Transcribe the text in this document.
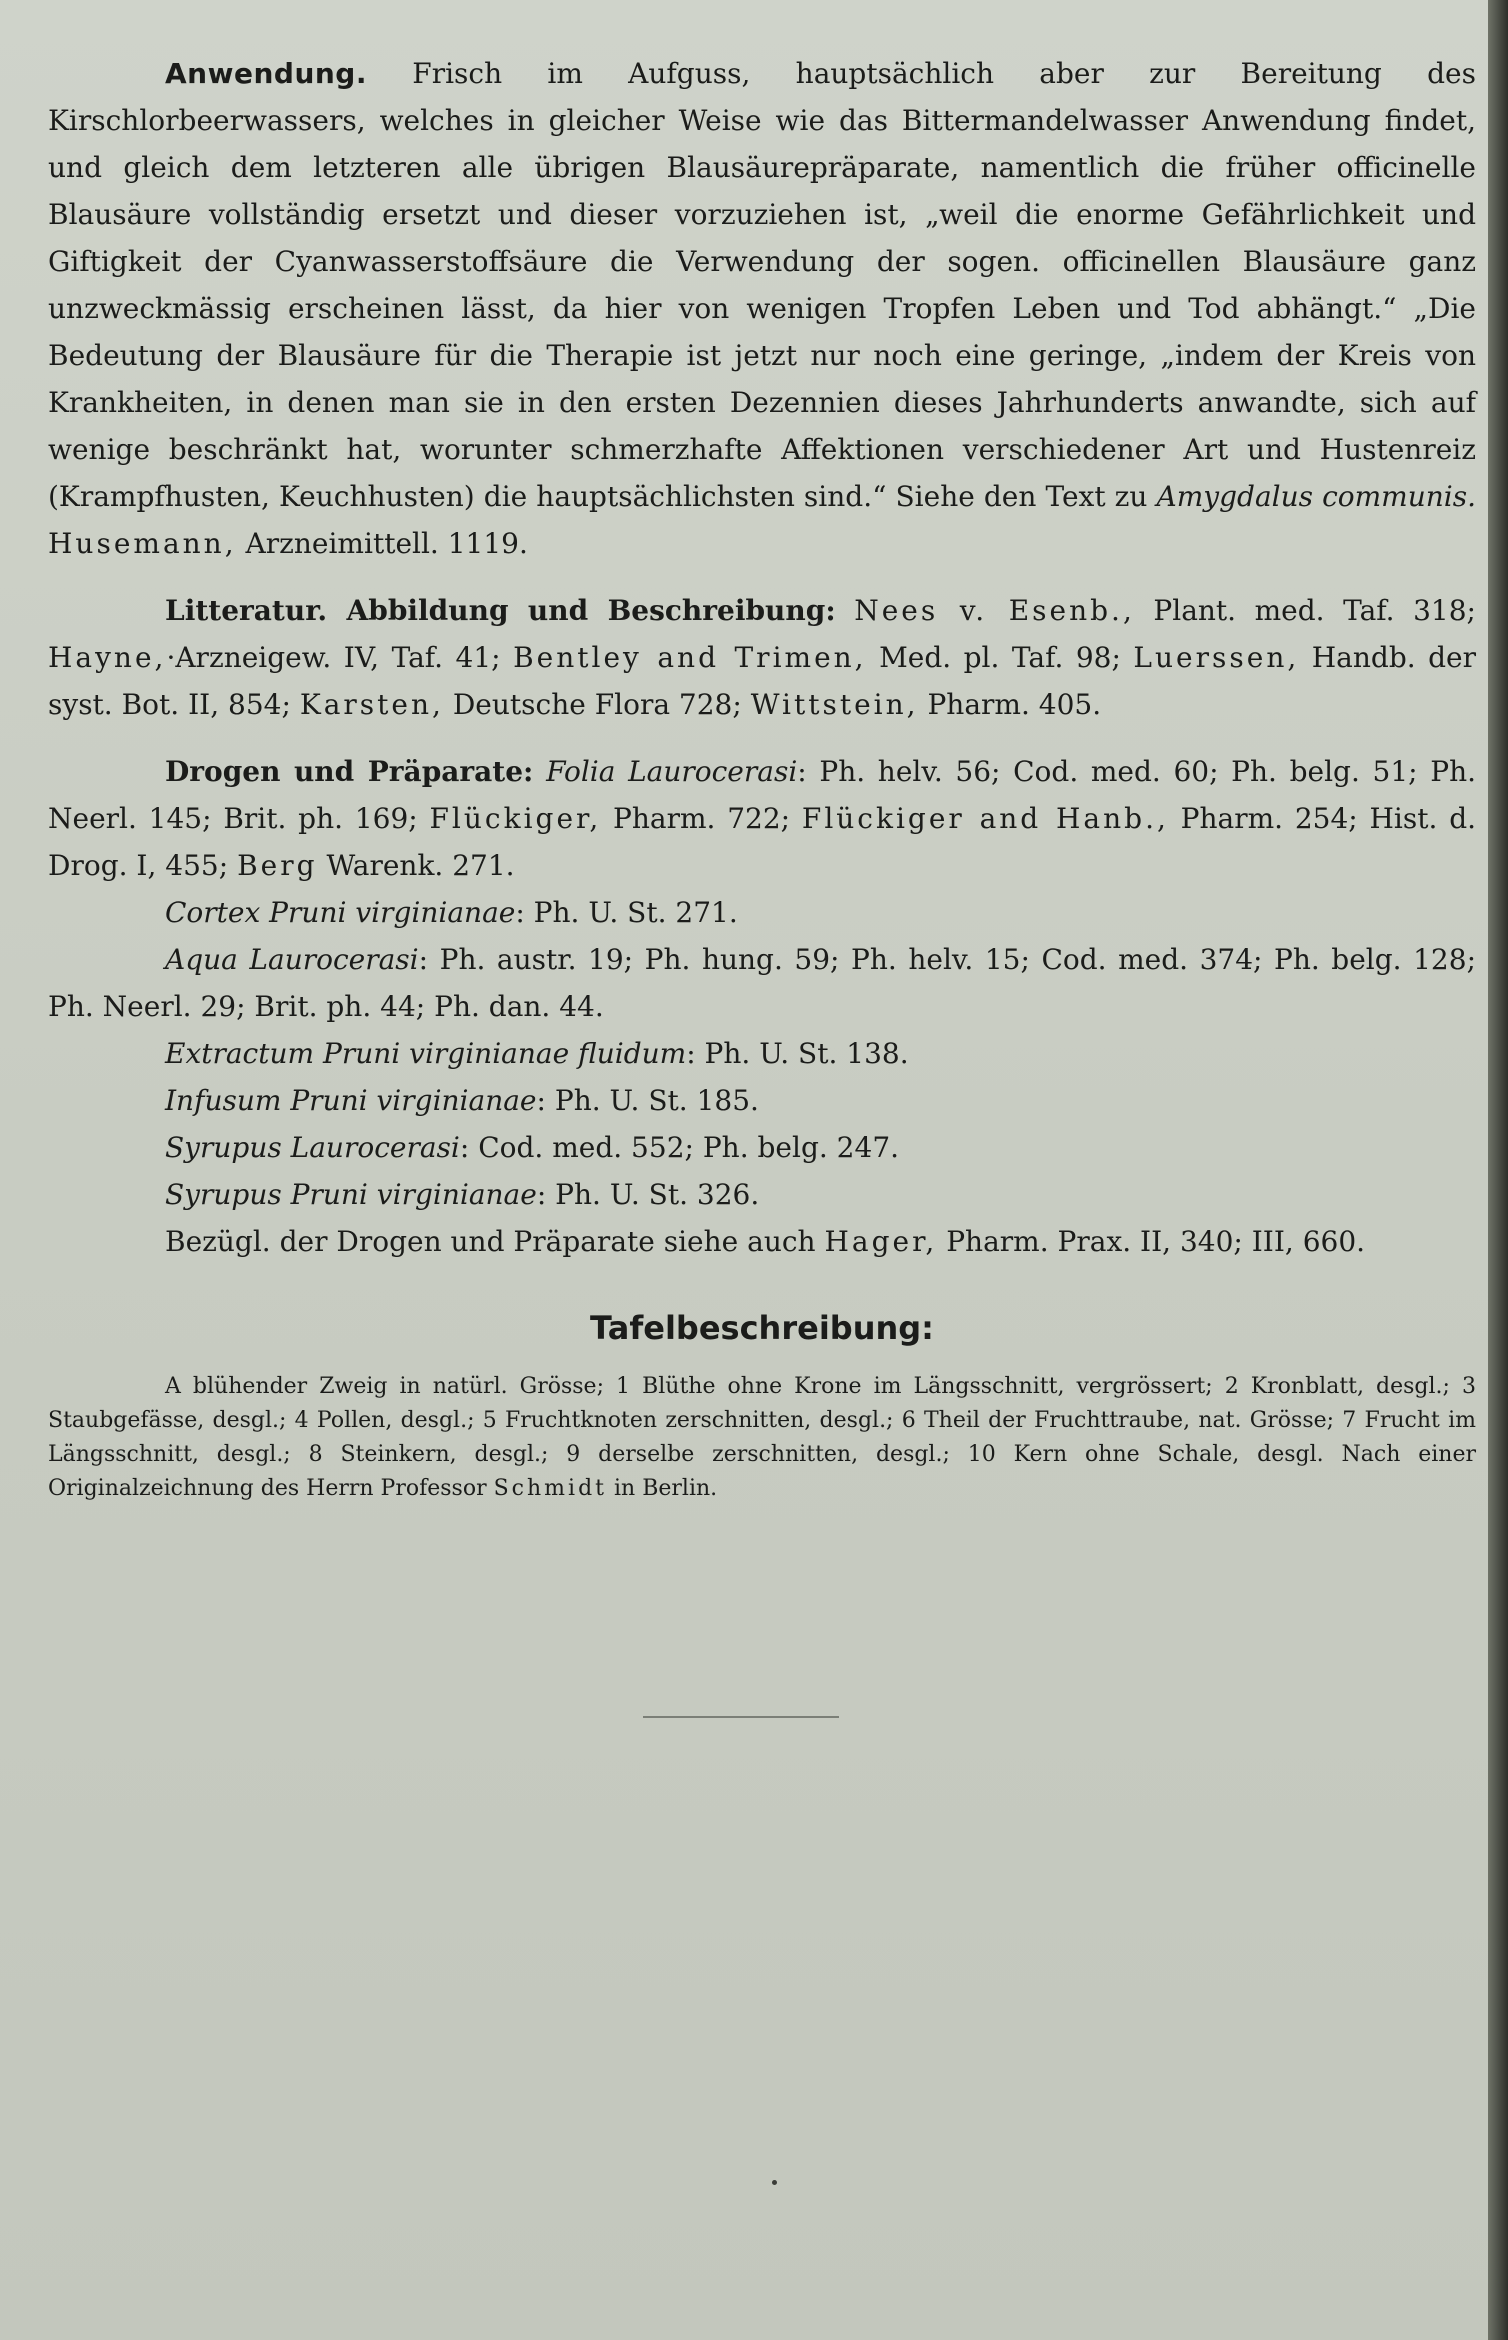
Anwendung. Frisch im Aufguss, hauptsächlich aber zur Bereitung des Kirschlorbeerwassers, welches in gleicher Weise wie das Bittermandelwasser Anwendung findet, und gleich dem letzteren alle übrigen Blausäurepräparate, namentlich die früher officinelle Blausäure vollständig ersetzt und dieser vorzuziehen ist, „weil die enorme Gefährlichkeit und Giftigkeit der Cyanwasserstoffsäure die Verwendung der sogen. officinellen Blausäure ganz unzweckmässig erscheinen lässt, da hier von wenigen Tropfen Leben und Tod abhängt.“ „Die Bedeutung der Blausäure für die Therapie ist jetzt nur noch eine geringe, „indem der Kreis von Krankheiten, in denen man sie in den ersten Dezennien dieses Jahrhunderts anwandte, sich auf wenige beschränkt hat, worunter schmerzhafte Affektionen verschiedener Art und Hustenreiz (Krampfhusten, Keuchhusten) die hauptsächlichsten sind.“ Siehe den Text zu Amygdalus communis. Husemann, Arzneimittell. 1119.

Litteratur. Abbildung und Beschreibung: Nees v. Esenb., Plant. med. Taf. 318; Hayne,·Arzneigew. IV, Taf. 41; Bentley and Trimen, Med. pl. Taf. 98; Luerssen, Handb. der syst. Bot. II, 854; Karsten, Deutsche Flora 728; Wittstein, Pharm. 405.

Drogen und Präparate: Folia Laurocerasi: Ph. helv. 56; Cod. med. 60; Ph. belg. 51; Ph. Neerl. 145; Brit. ph. 169; Flückiger, Pharm. 722; Flückiger and Hanb., Pharm. 254; Hist. d. Drog. I, 455; Berg Warenk. 271.

Cortex Pruni virginianae: Ph. U. St. 271.

Aqua Laurocerasi: Ph. austr. 19; Ph. hung. 59; Ph. helv. 15; Cod. med. 374; Ph. belg. 128; Ph. Neerl. 29; Brit. ph. 44; Ph. dan. 44.

Extractum Pruni virginianae fluidum: Ph. U. St. 138.

Infusum Pruni virginianae: Ph. U. St. 185.

Syrupus Laurocerasi: Cod. med. 552; Ph. belg. 247.

Syrupus Pruni virginianae: Ph. U. St. 326.

Bezügl. der Drogen und Präparate siehe auch Hager, Pharm. Prax. II, 340; III, 660.

Tafelbeschreibung:

A blühender Zweig in natürl. Grösse; 1 Blüthe ohne Krone im Längsschnitt, vergrössert; 2 Kronblatt, desgl.; 3 Staubgefässe, desgl.; 4 Pollen, desgl.; 5 Fruchtknoten zerschnitten, desgl.; 6 Theil der Fruchttraube, nat. Grösse; 7 Frucht im Längsschnitt, desgl.; 8 Steinkern, desgl.; 9 derselbe zerschnitten, desgl.; 10 Kern ohne Schale, desgl. Nach einer Originalzeichnung des Herrn Professor Schmidt in Berlin.
